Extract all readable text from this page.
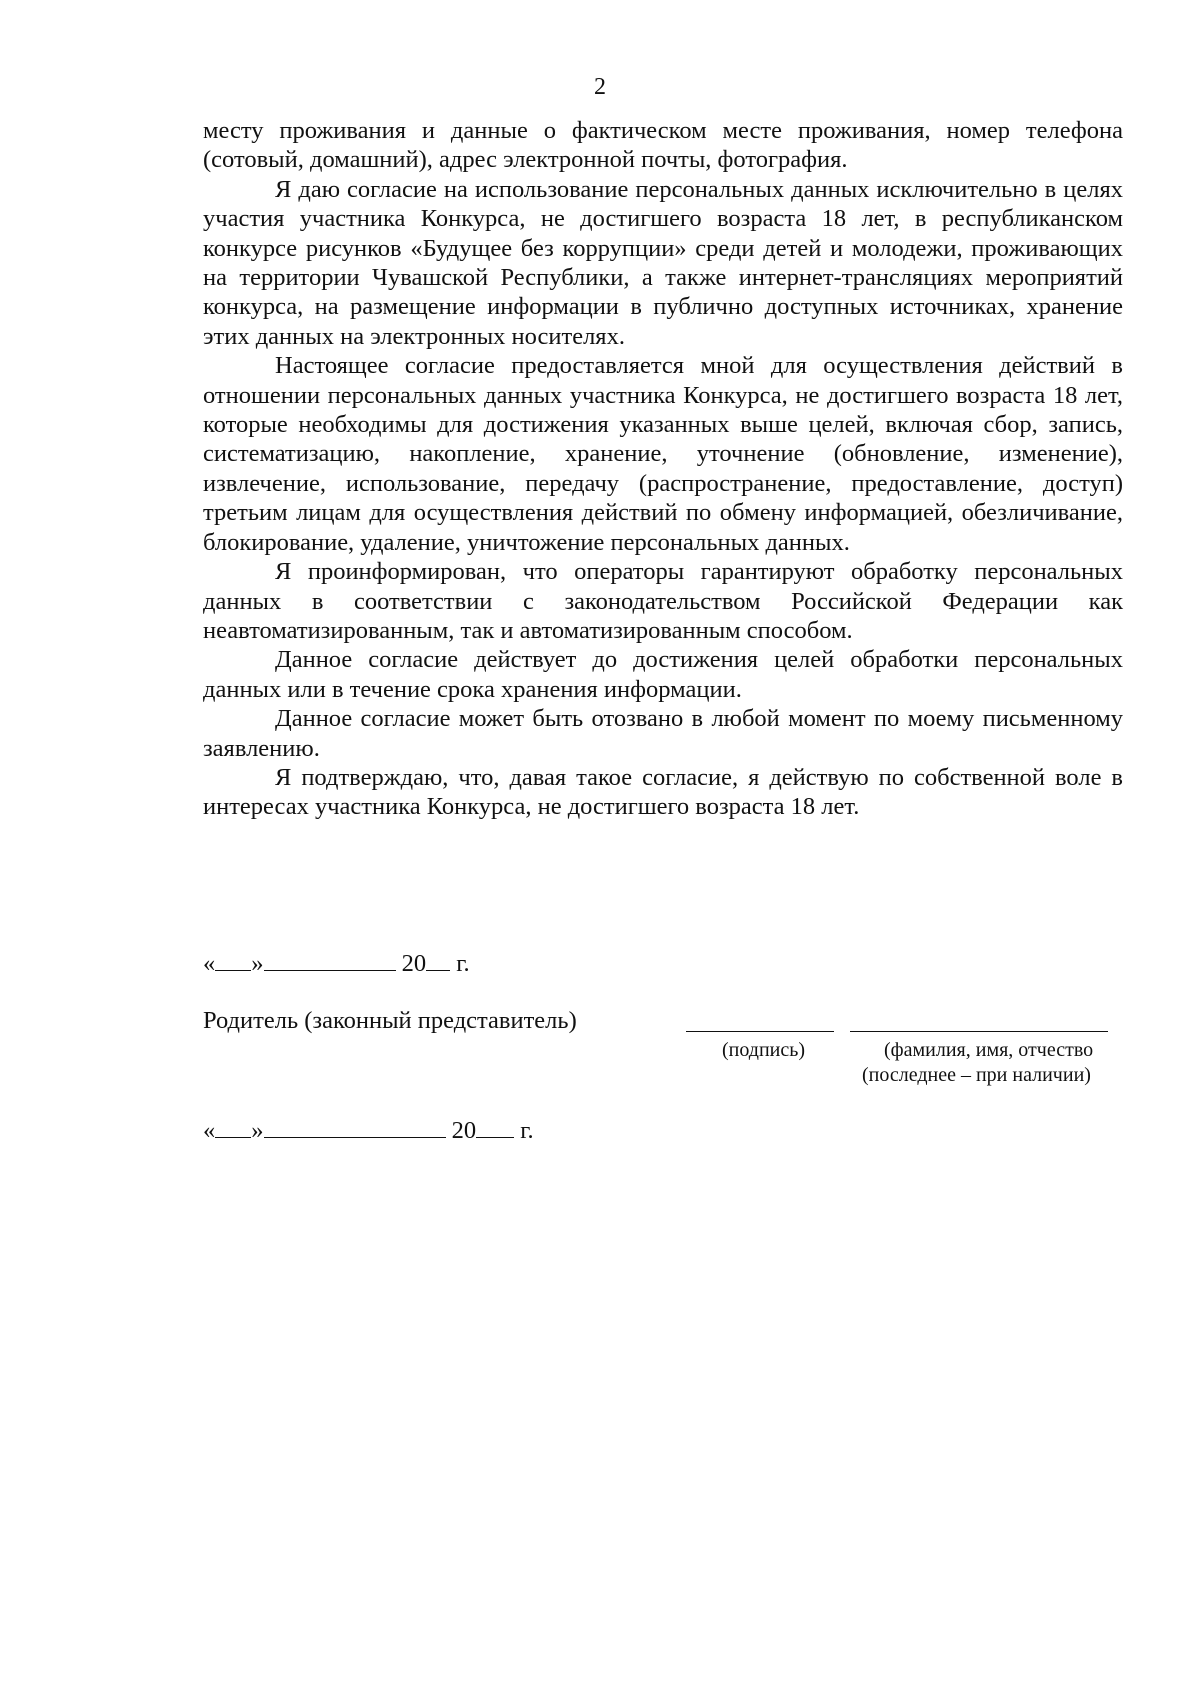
2

месту проживания и данные о фактическом месте проживания, номер телефона (сотовый, домашний), адрес электронной почты, фотография.

Я даю согласие на использование персональных данных исключительно в целях участия участника Конкурса, не достигшего возраста 18 лет, в республиканском конкурсе рисунков «Будущее без коррупции» среди детей и молодежи, проживающих на территории Чувашской Республики, а также интернет-трансляциях мероприятий конкурса, на размещение информации в публично доступных источниках, хранение этих данных на электронных носителях.

Настоящее согласие предоставляется мной для осуществления действий в отношении персональных данных участника Конкурса, не достигшего возраста 18 лет, которые необходимы для достижения указанных выше целей, включая сбор, запись, систематизацию, накопление, хранение, уточнение (обновление, изменение), извлечение, использование, передачу (распространение, предоставление, доступ) третьим лицам для осуществления действий по обмену информацией, обезличивание, блокирование, удаление, уничтожение персональных данных.

Я проинформирован, что операторы гарантируют обработку персональных данных в соответствии с законодательством Российской Федерации как неавтоматизированным, так и автоматизированным способом.

Данное согласие действует до достижения целей обработки персональных данных или в течение срока хранения информации.

Данное согласие может быть отозвано в любой момент по моему письменному заявлению.

Я подтверждаю, что, давая такое согласие, я действую по собственной воле в интересах участника Конкурса, не достигшего возраста 18 лет.

« »	20 г.
Родитель (законный представитель)
(подпись)	(фамилия, имя, отчество
(последнее – при наличии)
« »	20 г.
